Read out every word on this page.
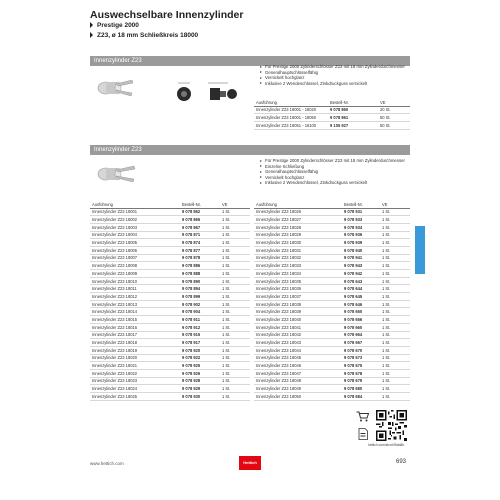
Auswechselbare Innenzylinder
Prestige 2000
Z23, ø 18 mm Schließkreis 18000
Innenzylinder Z23
Für Prestige 2000 Zylinderschlösser Z23 mit 18 mm Zylinderdurchmesser
Generalhauptschlüsselfähig
Vernickelt hochglanz
Inklusive 2 Wendeschlüssel, Zinkdruckguss vernickelt
Ausführung	Bestell-Nr.	VE
Innenzylinder Z23 18001 - 18020	9 078 860	20 St.
Innenzylinder Z23 18001 - 18050	9 078 861	50 St.
Innenzylinder Z23 18051 - 18100	9 105 927	50 St.
Innenzylinder Z23
Für Prestige 2000 Zylinderschlösser Z23 mit 18 mm Zylinderdurchmesser
Einzelne Schließung
Generalhauptschlüsselfähig
Vernickelt hochglanz
Inklusive 2 Wendeschlüssel, Zinkdruckguss vernickelt
Ausführung	Bestell-Nr.	VE
Innenzylinder Z23 18001	9 078 862	1 St.
Innenzylinder Z23 18002	9 078 865	1 St.
Innenzylinder Z23 18003	9 078 867	1 St.
Innenzylinder Z23 18004	9 078 871	1 St.
Innenzylinder Z23 18005	9 078 874	1 St.
Innenzylinder Z23 18006	9 078 877	1 St.
Innenzylinder Z23 18007	9 078 878	1 St.
Innenzylinder Z23 18008	9 078 886	1 St.
Innenzylinder Z23 18009	9 078 888	1 St.
Innenzylinder Z23 18010	9 078 890	1 St.
Innenzylinder Z23 18011	9 078 894	1 St.
Innenzylinder Z23 18012	9 078 899	1 St.
Innenzylinder Z23 18013	9 078 902	1 St.
Innenzylinder Z23 18014	9 078 904	1 St.
Innenzylinder Z23 18015	9 078 911	1 St.
Innenzylinder Z23 18016	9 078 912	1 St.
Innenzylinder Z23 18017	9 078 915	1 St.
Innenzylinder Z23 18018	9 078 917	1 St.
Innenzylinder Z23 18019	9 078 920	1 St.
Innenzylinder Z23 18020	9 078 922	1 St.
Innenzylinder Z23 18021	9 078 925	1 St.
Innenzylinder Z23 18022	9 078 926	1 St.
Innenzylinder Z23 18023	9 078 928	1 St.
Innenzylinder Z23 18024	9 078 929	1 St.
Innenzylinder Z23 18025	9 078 930	1 St.
Ausführung	Bestell-Nr.	VE
Innenzylinder Z23 18026	9 078 931	1 St.
Innenzylinder Z23 18027	9 078 933	1 St.
Innenzylinder Z23 18028	9 078 934	1 St.
Innenzylinder Z23 18029	9 078 936	1 St.
Innenzylinder Z23 18030	9 078 939	1 St.
Innenzylinder Z23 18031	9 078 940	1 St.
Innenzylinder Z23 18032	9 078 941	1 St.
Innenzylinder Z23 18033	9 078 943	1 St.
Innenzylinder Z23 18034	9 078 942	1 St.
Innenzylinder Z23 18035	9 078 643	1 St.
Innenzylinder Z23 18036	9 078 644	1 St.
Innenzylinder Z23 18037	9 078 645	1 St.
Innenzylinder Z23 18038	9 078 646	1 St.
Innenzylinder Z23 18039	9 078 650	1 St.
Innenzylinder Z23 18040	9 078 656	1 St.
Innenzylinder Z23 18041	9 078 660	1 St.
Innenzylinder Z23 18042	9 078 664	1 St.
Innenzylinder Z23 18043	9 078 667	1 St.
Innenzylinder Z23 18044	9 078 670	1 St.
Innenzylinder Z23 18045	9 078 673	1 St.
Innenzylinder Z23 18046	9 078 675	1 St.
Innenzylinder Z23 18047	9 078 678	1 St.
Innenzylinder Z23 18048	9 078 679	1 St.
Innenzylinder Z23 18049	9 078 680	1 St.
Innenzylinder Z23 18050	9 078 684	1 St.
hettich.com/short/f5ab8b
www.hettich.com	Hettich	693
